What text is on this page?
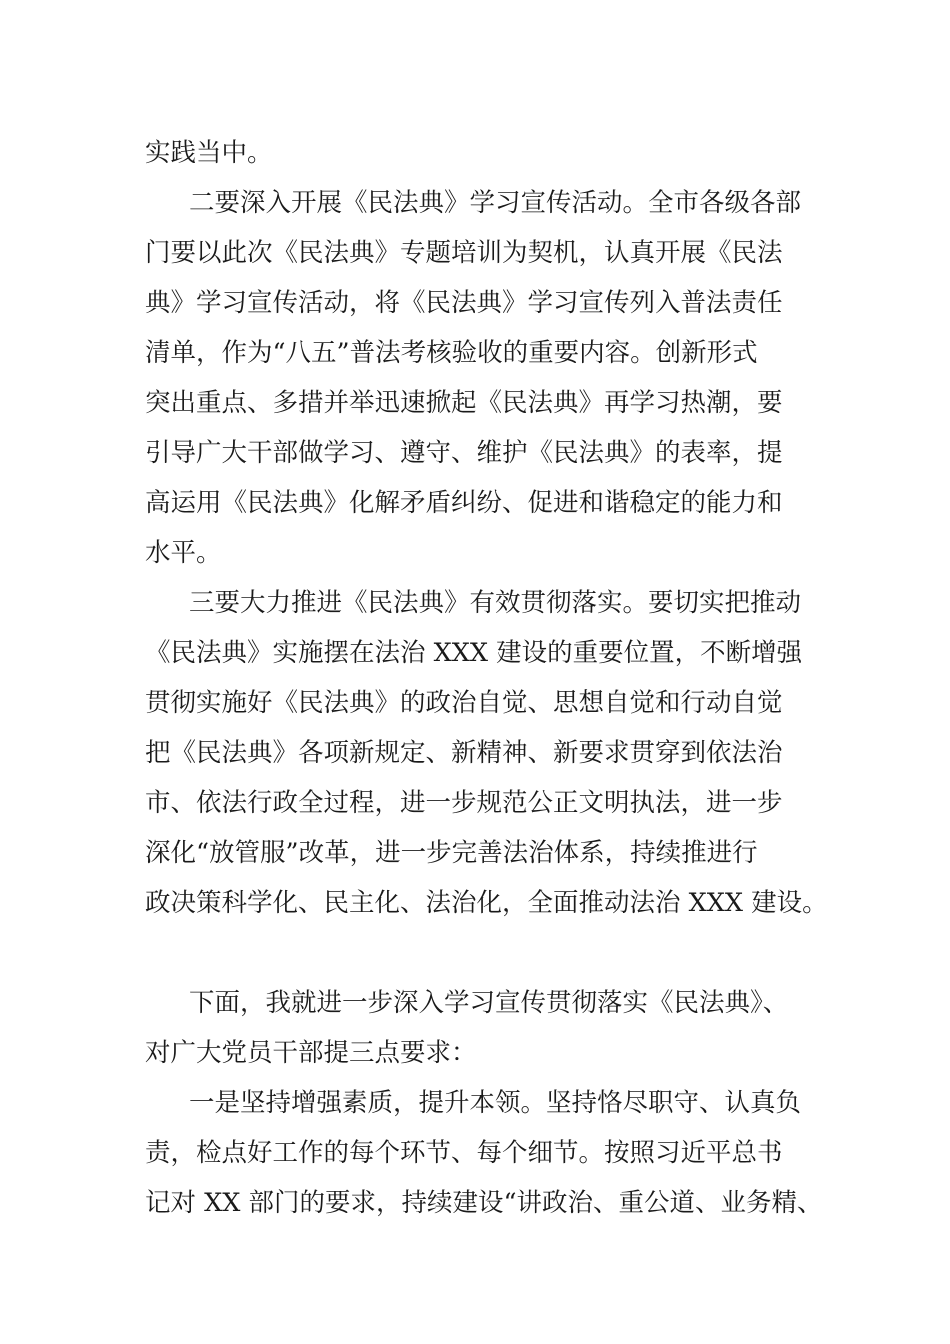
实践当中。
二要深入开展《民法典》学习宣传活动。全市各级各部
门要以此次《民法典》专题培训为契机，认真开展《民法
典》学习宣传活动，将《民法典》学习宣传列入普法责任
清单，作为“八五”普法考核验收的重要内容。创新形式
突出重点、多措并举迅速掀起《民法典》再学习热潮，要
引导广大干部做学习、遵守、维护《民法典》的表率，提
高运用《民法典》化解矛盾纠纷、促进和谐稳定的能力和
水平。
三要大力推进《民法典》有效贯彻落实。要切实把推动
《民法典》实施摆在法治 XXX 建设的重要位置，不断增强
贯彻实施好《民法典》的政治自觉、思想自觉和行动自觉
把《民法典》各项新规定、新精神、新要求贯穿到依法治
市、依法行政全过程，进一步规范公正文明执法，进一步
深化“放管服”改革，进一步完善法治体系，持续推进行
政决策科学化、民主化、法治化，全面推动法治 XXX 建设。
下面，我就进一步深入学习宣传贯彻落实《民法典》、
对广大党员干部提三点要求：
一是坚持增强素质，提升本领。坚持恪尽职守、认真负
责，检点好工作的每个环节、每个细节。按照习近平总书
记对 XX 部门的要求，持续建设“讲政治、重公道、业务精、
